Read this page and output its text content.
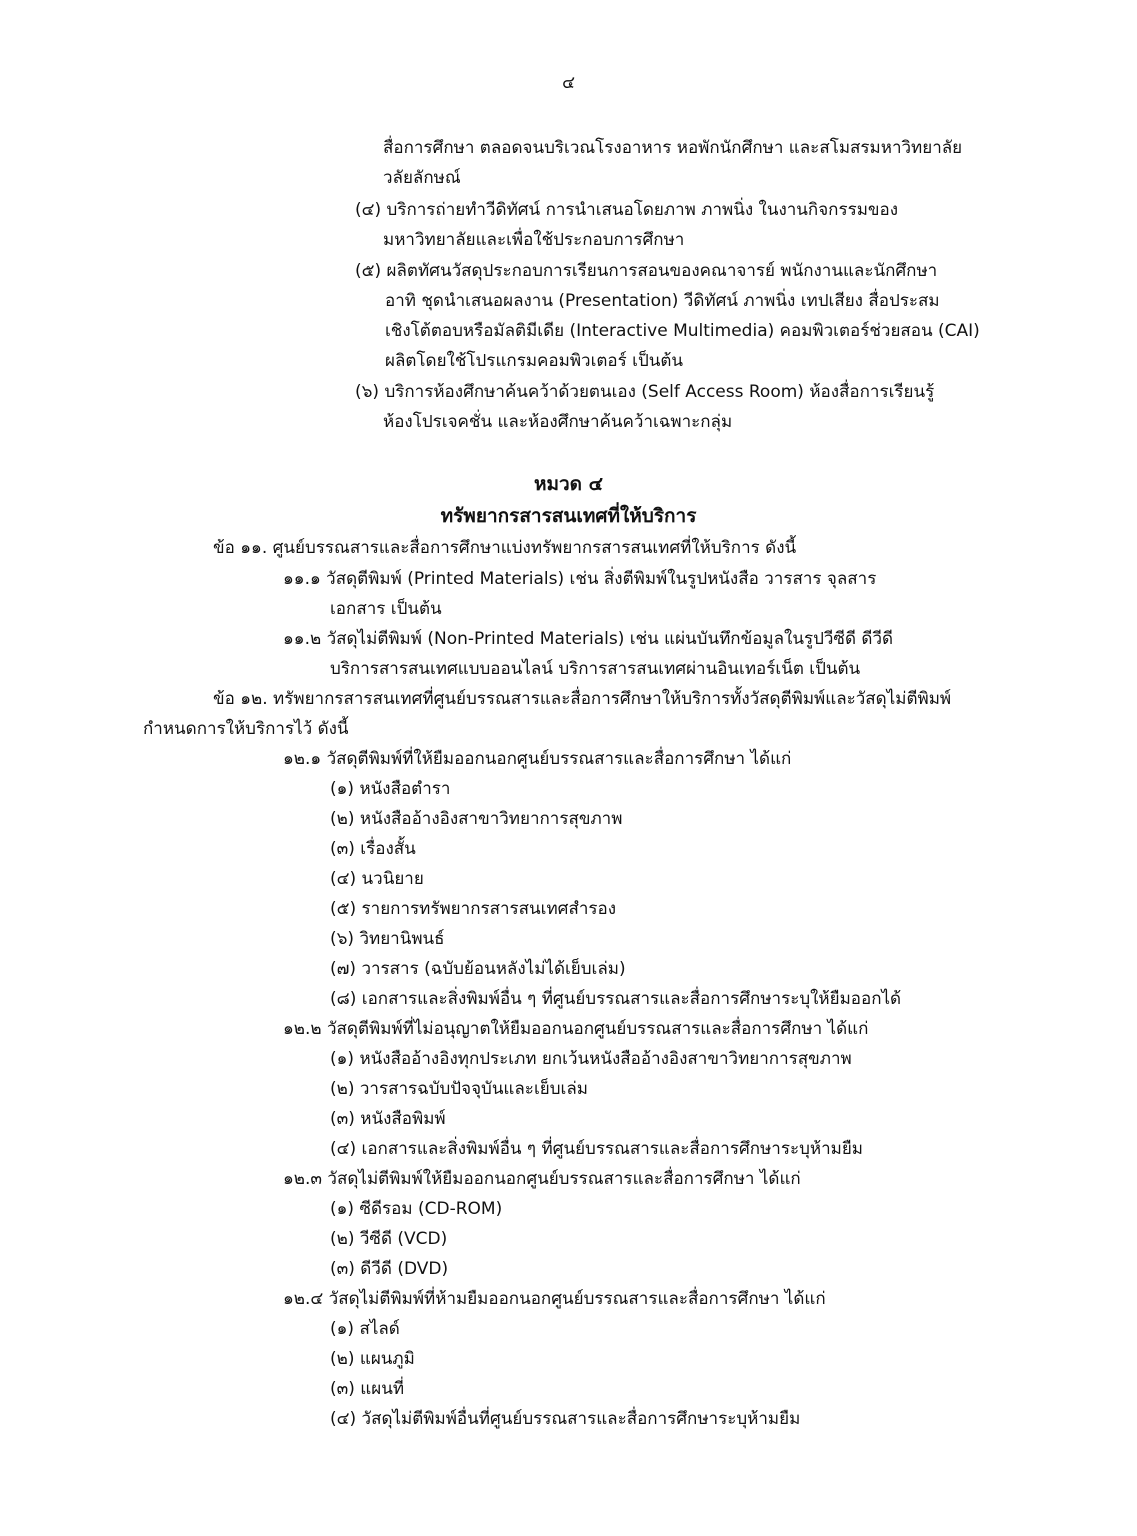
๔
สื่อการศึกษา ตลอดจนบริเวณโรงอาหาร หอพักนักศึกษา และสโมสรมหาวิทยาลัย
วลัยลักษณ์
(๔) บริการถ่ายทำวีดิทัศน์ การนำเสนอโดยภาพ ภาพนิ่ง ในงานกิจกรรมของ
มหาวิทยาลัยและเพื่อใช้ประกอบการศึกษา
(๕) ผลิตทัศนวัสดุประกอบการเรียนการสอนของคณาจารย์ พนักงานและนักศึกษา
อาทิ ชุดนำเสนอผลงาน (Presentation) วีดิทัศน์ ภาพนิ่ง เทปเสียง สื่อประสม
เชิงโต้ตอบหรือมัลติมีเดีย (Interactive Multimedia) คอมพิวเตอร์ช่วยสอน (CAI)
ผลิตโดยใช้โปรแกรมคอมพิวเตอร์ เป็นต้น
(๖) บริการห้องศึกษาค้นคว้าด้วยตนเอง (Self Access Room) ห้องสื่อการเรียนรู้
ห้องโปรเจคชั่น และห้องศึกษาค้นคว้าเฉพาะกลุ่ม
หมวด ๔
ทรัพยากรสารสนเทศที่ให้บริการ
ข้อ ๑๑. ศูนย์บรรณสารและสื่อการศึกษาแบ่งทรัพยากรสารสนเทศที่ให้บริการ ดังนี้
๑๑.๑ วัสดุตีพิมพ์ (Printed Materials) เช่น สิ่งตีพิมพ์ในรูปหนังสือ วารสาร จุลสาร
เอกสาร เป็นต้น
๑๑.๒ วัสดุไม่ตีพิมพ์ (Non-Printed Materials) เช่น แผ่นบันทึกข้อมูลในรูปวีซีดี ดีวีดี
บริการสารสนเทศแบบออนไลน์ บริการสารสนเทศผ่านอินเทอร์เน็ต เป็นต้น
ข้อ ๑๒. ทรัพยากรสารสนเทศที่ศูนย์บรรณสารและสื่อการศึกษาให้บริการทั้งวัสดุตีพิมพ์และวัสดุไม่ตีพิมพ์
กำหนดการให้บริการไว้ ดังนี้
๑๒.๑ วัสดุตีพิมพ์ที่ให้ยืมออกนอกศูนย์บรรณสารและสื่อการศึกษา ได้แก่
(๑) หนังสือตำรา
(๒) หนังสืออ้างอิงสาขาวิทยาการสุขภาพ
(๓) เรื่องสั้น
(๔) นวนิยาย
(๕) รายการทรัพยากรสารสนเทศสำรอง
(๖) วิทยานิพนธ์
(๗) วารสาร (ฉบับย้อนหลังไม่ได้เย็บเล่ม)
(๘) เอกสารและสิ่งพิมพ์อื่น ๆ ที่ศูนย์บรรณสารและสื่อการศึกษาระบุให้ยืมออกได้
๑๒.๒ วัสดุตีพิมพ์ที่ไม่อนุญาตให้ยืมออกนอกศูนย์บรรณสารและสื่อการศึกษา ได้แก่
(๑) หนังสืออ้างอิงทุกประเภท ยกเว้นหนังสืออ้างอิงสาขาวิทยาการสุขภาพ
(๒) วารสารฉบับปัจจุบันและเย็บเล่ม
(๓) หนังสือพิมพ์
(๔) เอกสารและสิ่งพิมพ์อื่น ๆ ที่ศูนย์บรรณสารและสื่อการศึกษาระบุห้ามยืม
๑๒.๓ วัสดุไม่ตีพิมพ์ให้ยืมออกนอกศูนย์บรรณสารและสื่อการศึกษา ได้แก่
(๑) ซีดีรอม (CD-ROM)
(๒) วีซีดี (VCD)
(๓) ดีวีดี (DVD)
๑๒.๔ วัสดุไม่ตีพิมพ์ที่ห้ามยืมออกนอกศูนย์บรรณสารและสื่อการศึกษา ได้แก่
(๑) สไลด์
(๒) แผนภูมิ
(๓) แผนที่
(๔) วัสดุไม่ตีพิมพ์อื่นที่ศูนย์บรรณสารและสื่อการศึกษาระบุห้ามยืม
